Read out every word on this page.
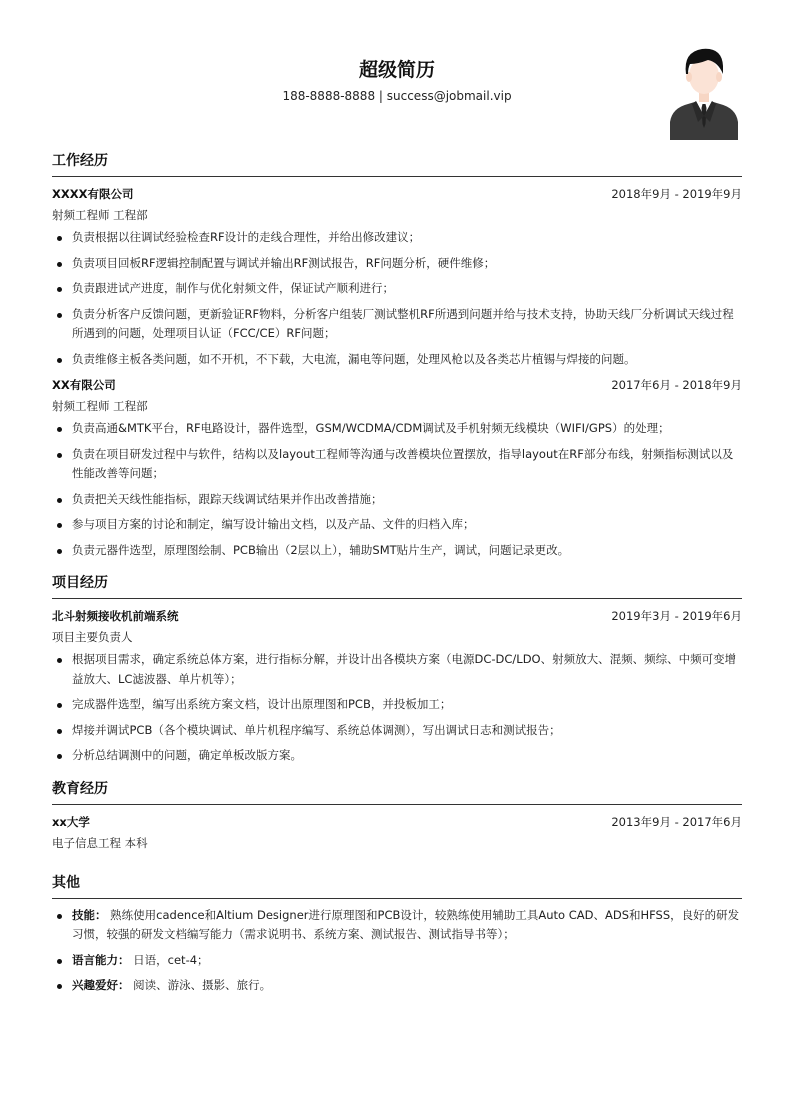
超级简历
188-8888-8888 | success@jobmail.vip
工作经历
XXXX有限公司	2018年9月 - 2019年9月
射频工程师 工程部
负责根据以往调试经验检查RF设计的走线合理性，并给出修改建议；
负责项目回板RF逻辑控制配置与调试并输出RF测试报告，RF问题分析，硬件维修；
负责跟进试产进度，制作与优化射频文件，保证试产顺利进行；
负责分析客户反馈问题，更新验证RF物料，分析客户组装厂测试整机RF所遇到问题并给与技术支持，协助天线厂分析调试天线过程所遇到的问题，处理项目认证（FCC/CE）RF问题；
负责维修主板各类问题，如不开机，不下载，大电流，漏电等问题，处理风枪以及各类芯片植锡与焊接的问题。
XX有限公司	2017年6月 - 2018年9月
射频工程师 工程部
负责高通&MTK平台，RF电路设计，器件选型，GSM/WCDMA/CDM调试及手机射频无线模块（WIFI/GPS）的处理；
负责在项目研发过程中与软件，结构以及layout工程师等沟通与改善模块位置摆放，指导layout在RF部分布线，射频指标测试以及性能改善等问题；
负责把关天线性能指标，跟踪天线调试结果并作出改善措施；
参与项目方案的讨论和制定，编写设计输出文档，以及产品、文件的归档入库；
负责元器件选型，原理图绘制、PCB输出（2层以上），辅助SMT贴片生产，调试，问题记录更改。
项目经历
北斗射频接收机前端系统	2019年3月 - 2019年6月
项目主要负责人
根据项目需求，确定系统总体方案，进行指标分解，并设计出各模块方案（电源DC-DC/LDO、射频放大、混频、频综、中频可变增益放大、LC滤波器、单片机等）；
完成器件选型，编写出系统方案文档，设计出原理图和PCB，并投板加工；
焊接并调试PCB（各个模块调试、单片机程序编写、系统总体调测），写出调试日志和测试报告；
分析总结调测中的问题，确定单板改版方案。
教育经历
xx大学	2013年9月 - 2017年6月
电子信息工程 本科
其他
技能： 熟练使用cadence和Altium Designer进行原理图和PCB设计，较熟练使用辅助工具Auto CAD、ADS和HFSS，良好的研发习惯，较强的研发文档编写能力（需求说明书、系统方案、测试报告、测试指导书等）；
语言能力： 日语，cet-4；
兴趣爱好： 阅读、游泳、摄影、旅行。
